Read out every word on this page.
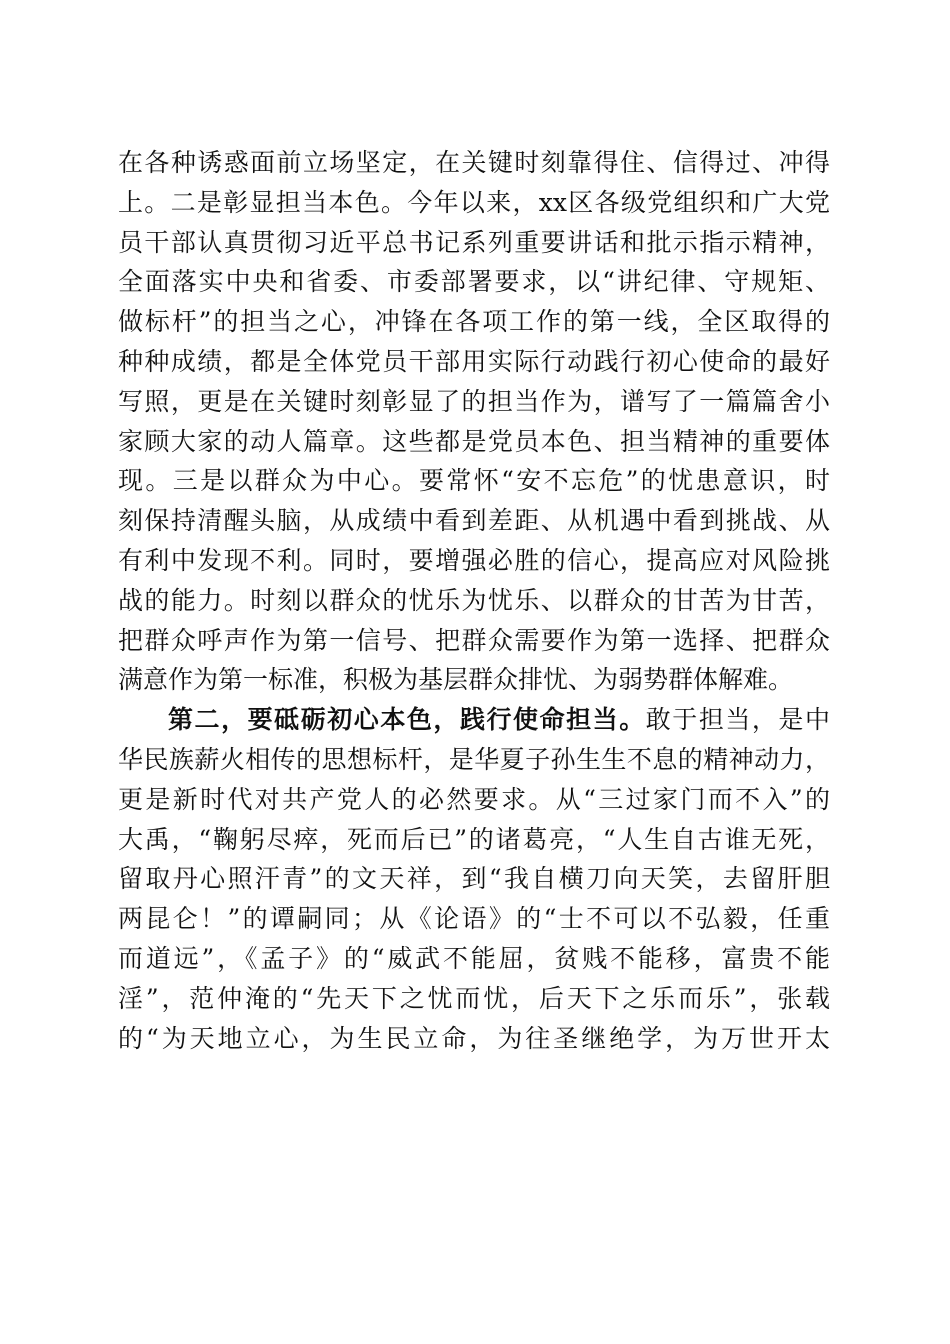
在各种诱惑面前立场坚定，在关键时刻靠得住、信得过、冲得
上。二是彰显担当本色。今年以来，xx区各级党组织和广大党
员干部认真贯彻习近平总书记系列重要讲话和批示指示精神，
全面落实中央和省委、市委部署要求，以“讲纪律、守规矩、
做标杆”的担当之心，冲锋在各项工作的第一线，全区取得的
种种成绩，都是全体党员干部用实际行动践行初心使命的最好
写照，更是在关键时刻彰显了的担当作为，谱写了一篇篇舍小
家顾大家的动人篇章。这些都是党员本色、担当精神的重要体
现。三是以群众为中心。要常怀“安不忘危”的忧患意识，时
刻保持清醒头脑，从成绩中看到差距、从机遇中看到挑战、从
有利中发现不利。同时，要增强必胜的信心，提高应对风险挑
战的能力。时刻以群众的忧乐为忧乐、以群众的甘苦为甘苦，
把群众呼声作为第一信号、把群众需要作为第一选择、把群众
满意作为第一标准，积极为基层群众排忧、为弱势群体解难。
第二，要砥砺初心本色，践行使命担当。敢于担当，是中
华民族薪火相传的思想标杆，是华夏子孙生生不息的精神动力，
更是新时代对共产党人的必然要求。从“三过家门而不入”的
大禹，“鞠躬尽瘁，死而后已”的诸葛亮，“人生自古谁无死，
留取丹心照汗青”的文天祥，到“我自横刀向天笑，去留肝胆
两昆仑！”的谭嗣同；从《论语》的“士不可以不弘毅，任重
而道远”，《孟子》的“威武不能屈，贫贱不能移，富贵不能
淫”，范仲淹的“先天下之忧而忧，后天下之乐而乐”，张载
的“为天地立心，为生民立命，为往圣继绝学，为万世开太
